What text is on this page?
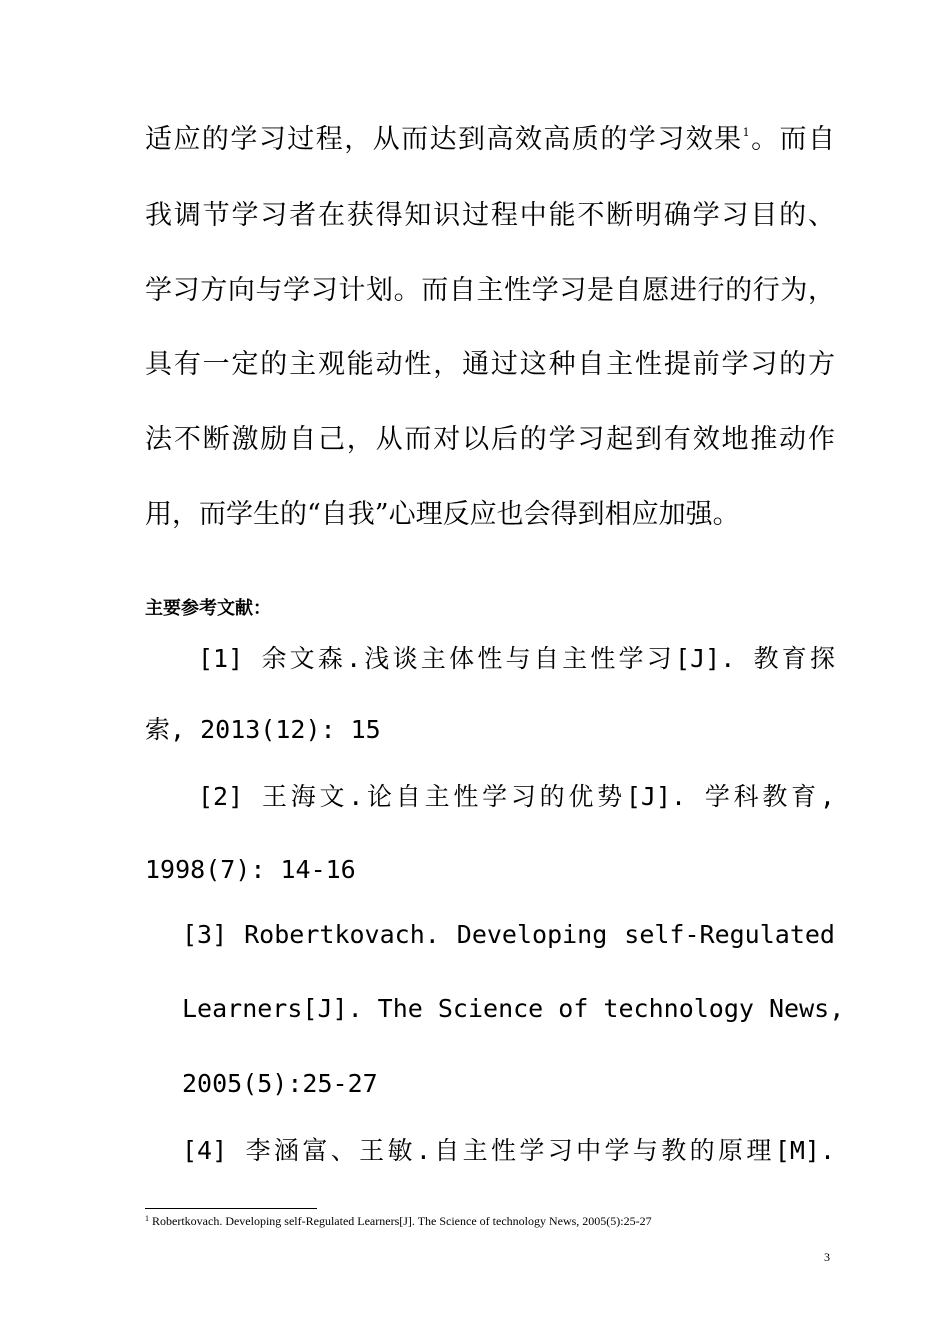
适应的学习过程，从而达到高效高质的学习效果$^1$。而自
我调节学习者在获得知识过程中能不断明确学习目的、
学习方向与学习计划。而自主性学习是自愿进行的行为，
具有一定的主观能动性，通过这种自主性提前学习的方
法不断激励自己，从而对以后的学习起到有效地推动作
用，而学生的“自我”心理反应也会得到相应加强。
主要参考文献：
[1] 余文森.浅谈主体性与自主性学习[J]. 教育探
索, 2013(12): 15
[2] 王海文.论自主性学习的优势[J]. 学科教育,
1998(7): 14-16
[3] Robertkovach. Developing self-Regulated
Learners[J]. The Science of technology News,
2005(5):25-27
[4] 李涵富、王敏.自主性学习中学与教的原理[M].
$^1$ Robertkovach. Developing self-Regulated Learners[J]. The Science of technology News, 2005(5):25-27
3
